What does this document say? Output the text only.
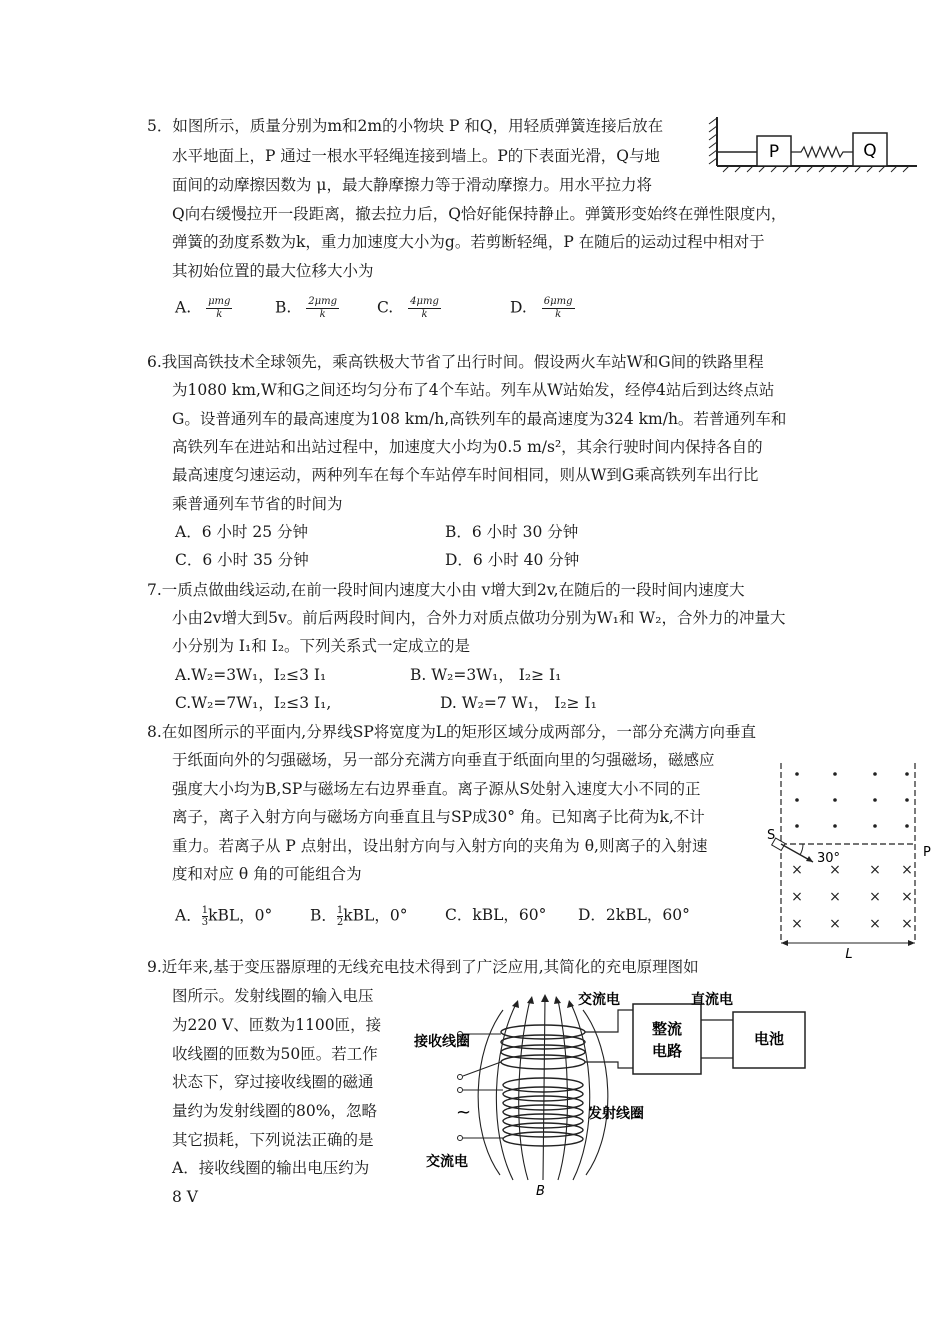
5．如图所示，质量分别为m和2m的小物块 P 和Q，用轻质弹簧连接后放在
水平地面上，P 通过一根水平轻绳连接到墙上。P的下表面光滑，Q与地
面间的动摩擦因数为 μ，最大静摩擦力等于滑动摩擦力。用水平拉力将
Q向右缓慢拉开一段距离，撤去拉力后，Q恰好能保持静止。弹簧形变始终在弹性限度内，
弹簧的劲度系数为k，重力加速度大小为g。若剪断轻绳，P 在随后的运动过程中相对于
其初始位置的最大位移大小为
A. $\frac{\text{μmg}}{k}$	B. $\frac{\text{2μmg}}{k} C$. $\frac{\text{4μmg}}{k}$	D. $\frac{\text{6μmg}}{k}$
P	Q
6.我国高铁技术全球领先，乘高铁极大节省了出行时间。假设两火车站W和G间的铁路里程
为1080 km,W和G之间还均匀分布了4个车站。列车从W站始发，经停4站后到达终点站
G。设普通列车的最高速度为108 km/h,高铁列车的最高速度为324 km/h。若普通列车和
高铁列车在进站和出站过程中，加速度大小均为0.5 m/s²，其余行驶时间内保持各自的
最高速度匀速运动，两种列车在每个车站停车时间相同，则从W到G乘高铁列车出行比
乘普通列车节省的时间为
A．6 小时 25 分钟	B．6 小时 30 分钟
C．6 小时 35 分钟	D．6 小时 40 分钟
7.一质点做曲线运动,在前一段时间内速度大小由 v增大到2v,在随后的一段时间内速度大
小由2v增大到5v。前后两段时间内，合外力对质点做功分别为W₁和 W₂，合外力的冲量大
小分别为 I₁和 I₂。下列关系式一定成立的是
A.W₂=3W₁，I₂≤3 I₁	B. W₂=3W₁， I₂≥ I₁
C.W₂=7W₁，I₂≤3 I₁,	D. W₂=7 W₁， I₂≥ I₁
8.在如图所示的平面内,分界线SP将宽度为L的矩形区域分成两部分，一部分充满方向垂直
于纸面向外的匀强磁场，另一部分充满方向垂直于纸面向里的匀强磁场，磁感应
强度大小均为B,SP与磁场左右边界垂直。离子源从S处射入速度大小不同的正
离子，离子入射方向与磁场方向垂直且与SP成30° 角。已知离子比荷为k,不计
重力。若离子从 P 点射出，设出射方向与入射方向的夹角为 θ,则离子的入射速
度和对应 θ 角的可能组合为
A． $\frac{1}{3}$ kBL，0° B． $\frac{1}{2}$ kBL，0° C．kBL，60° D．2kBL，60°
× × × ×
× × × ×
× × × ×
S
P
30°
L
9.近年来,基于变压器原理的无线充电技术得到了广泛应用,其简化的充电原理图如
图所示。发射线圈的输入电压
为220 V、匝数为1100匝，接
收线圈的匝数为50匝。若工作
状态下，穿过接收线圈的磁通
量约为发射线圈的80%，忽略
其它损耗，下列说法正确的是
A．接收线圈的输出电压约为
8 V
整流
电路
电池
交流电	直流电
接收线圈
~	发射线圈
交流电
B
